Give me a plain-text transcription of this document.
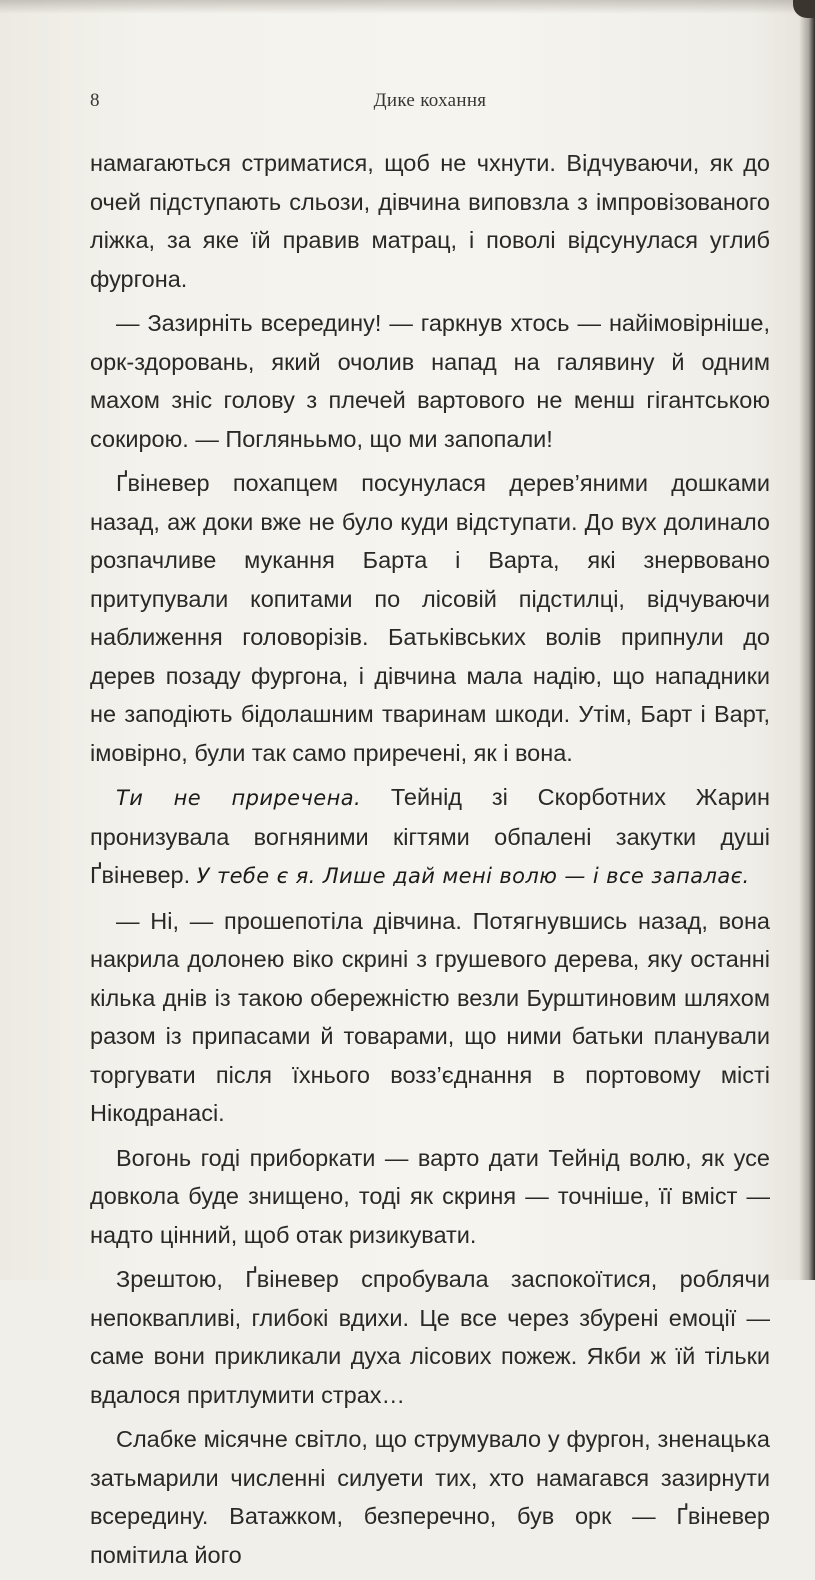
8	Дике кохання

намагаються стриматися, щоб не чхнути. Відчуваючи, як до очей підступають сльози, дівчина виповзла з імпровізованого ліжка, за яке їй правив матрац, і поволі відсунулася углиб фургона.

— Зазирніть всередину! — гаркнув хтось — найімовірніше, орк-здоровань, який очолив напад на галявину й одним махом зніс голову з плечей вартового не менш гігантською сокирою. — Поглянььмо, що ми запопали!

Ґвіневер похапцем посунулася дерев’яними дошками назад, аж доки вже не було куди відступати. До вух долинало розпачливе мукання Барта і Варта, які знервовано притупували копитами по лісовій підстилці, відчуваючи наближення головорізів. Батьківських волів припнули до дерев позаду фургона, і дівчина мала надію, що нападники не заподіють бідолашним тваринам шкоди. Утім, Барт і Варт, імовірно, були так само приречені, як і вона.

Ти не приречена. Тейнід зі Скорботних Жарин пронизувала вогняними кігтями обпалені закутки душі Ґвіневер. У тебе є я. Лише дай мені волю — і все запалає.

— Ні, — прошепотіла дівчина. Потягнувшись назад, вона накрила долонею віко скрині з грушевого дерева, яку останні кілька днів із такою обережністю везли Бурштиновим шляхом разом із припасами й товарами, що ними батьки планували торгувати після їхнього возз’єднання в портовому місті Нікодранасі.

Вогонь годі приборкати — варто дати Тейнід волю, як усе довкола буде знищено, тоді як скриня — точніше, її вміст — надто цінний, щоб отак ризикувати.

Зрештою, Ґвіневер спробувала заспокоїтися, роблячи непоквапливі, глибокі вдихи. Це все через збурені емоції — саме вони прикликали духа лісових пожеж. Якби ж їй тільки вдалося притлумити страх…

Слабке місячне світло, що струмувало у фургон, зненацька затьмарили численні силуети тих, хто намагався зазирнути всередину. Ватажком, безперечно, був орк — Ґвіневер помітила його
